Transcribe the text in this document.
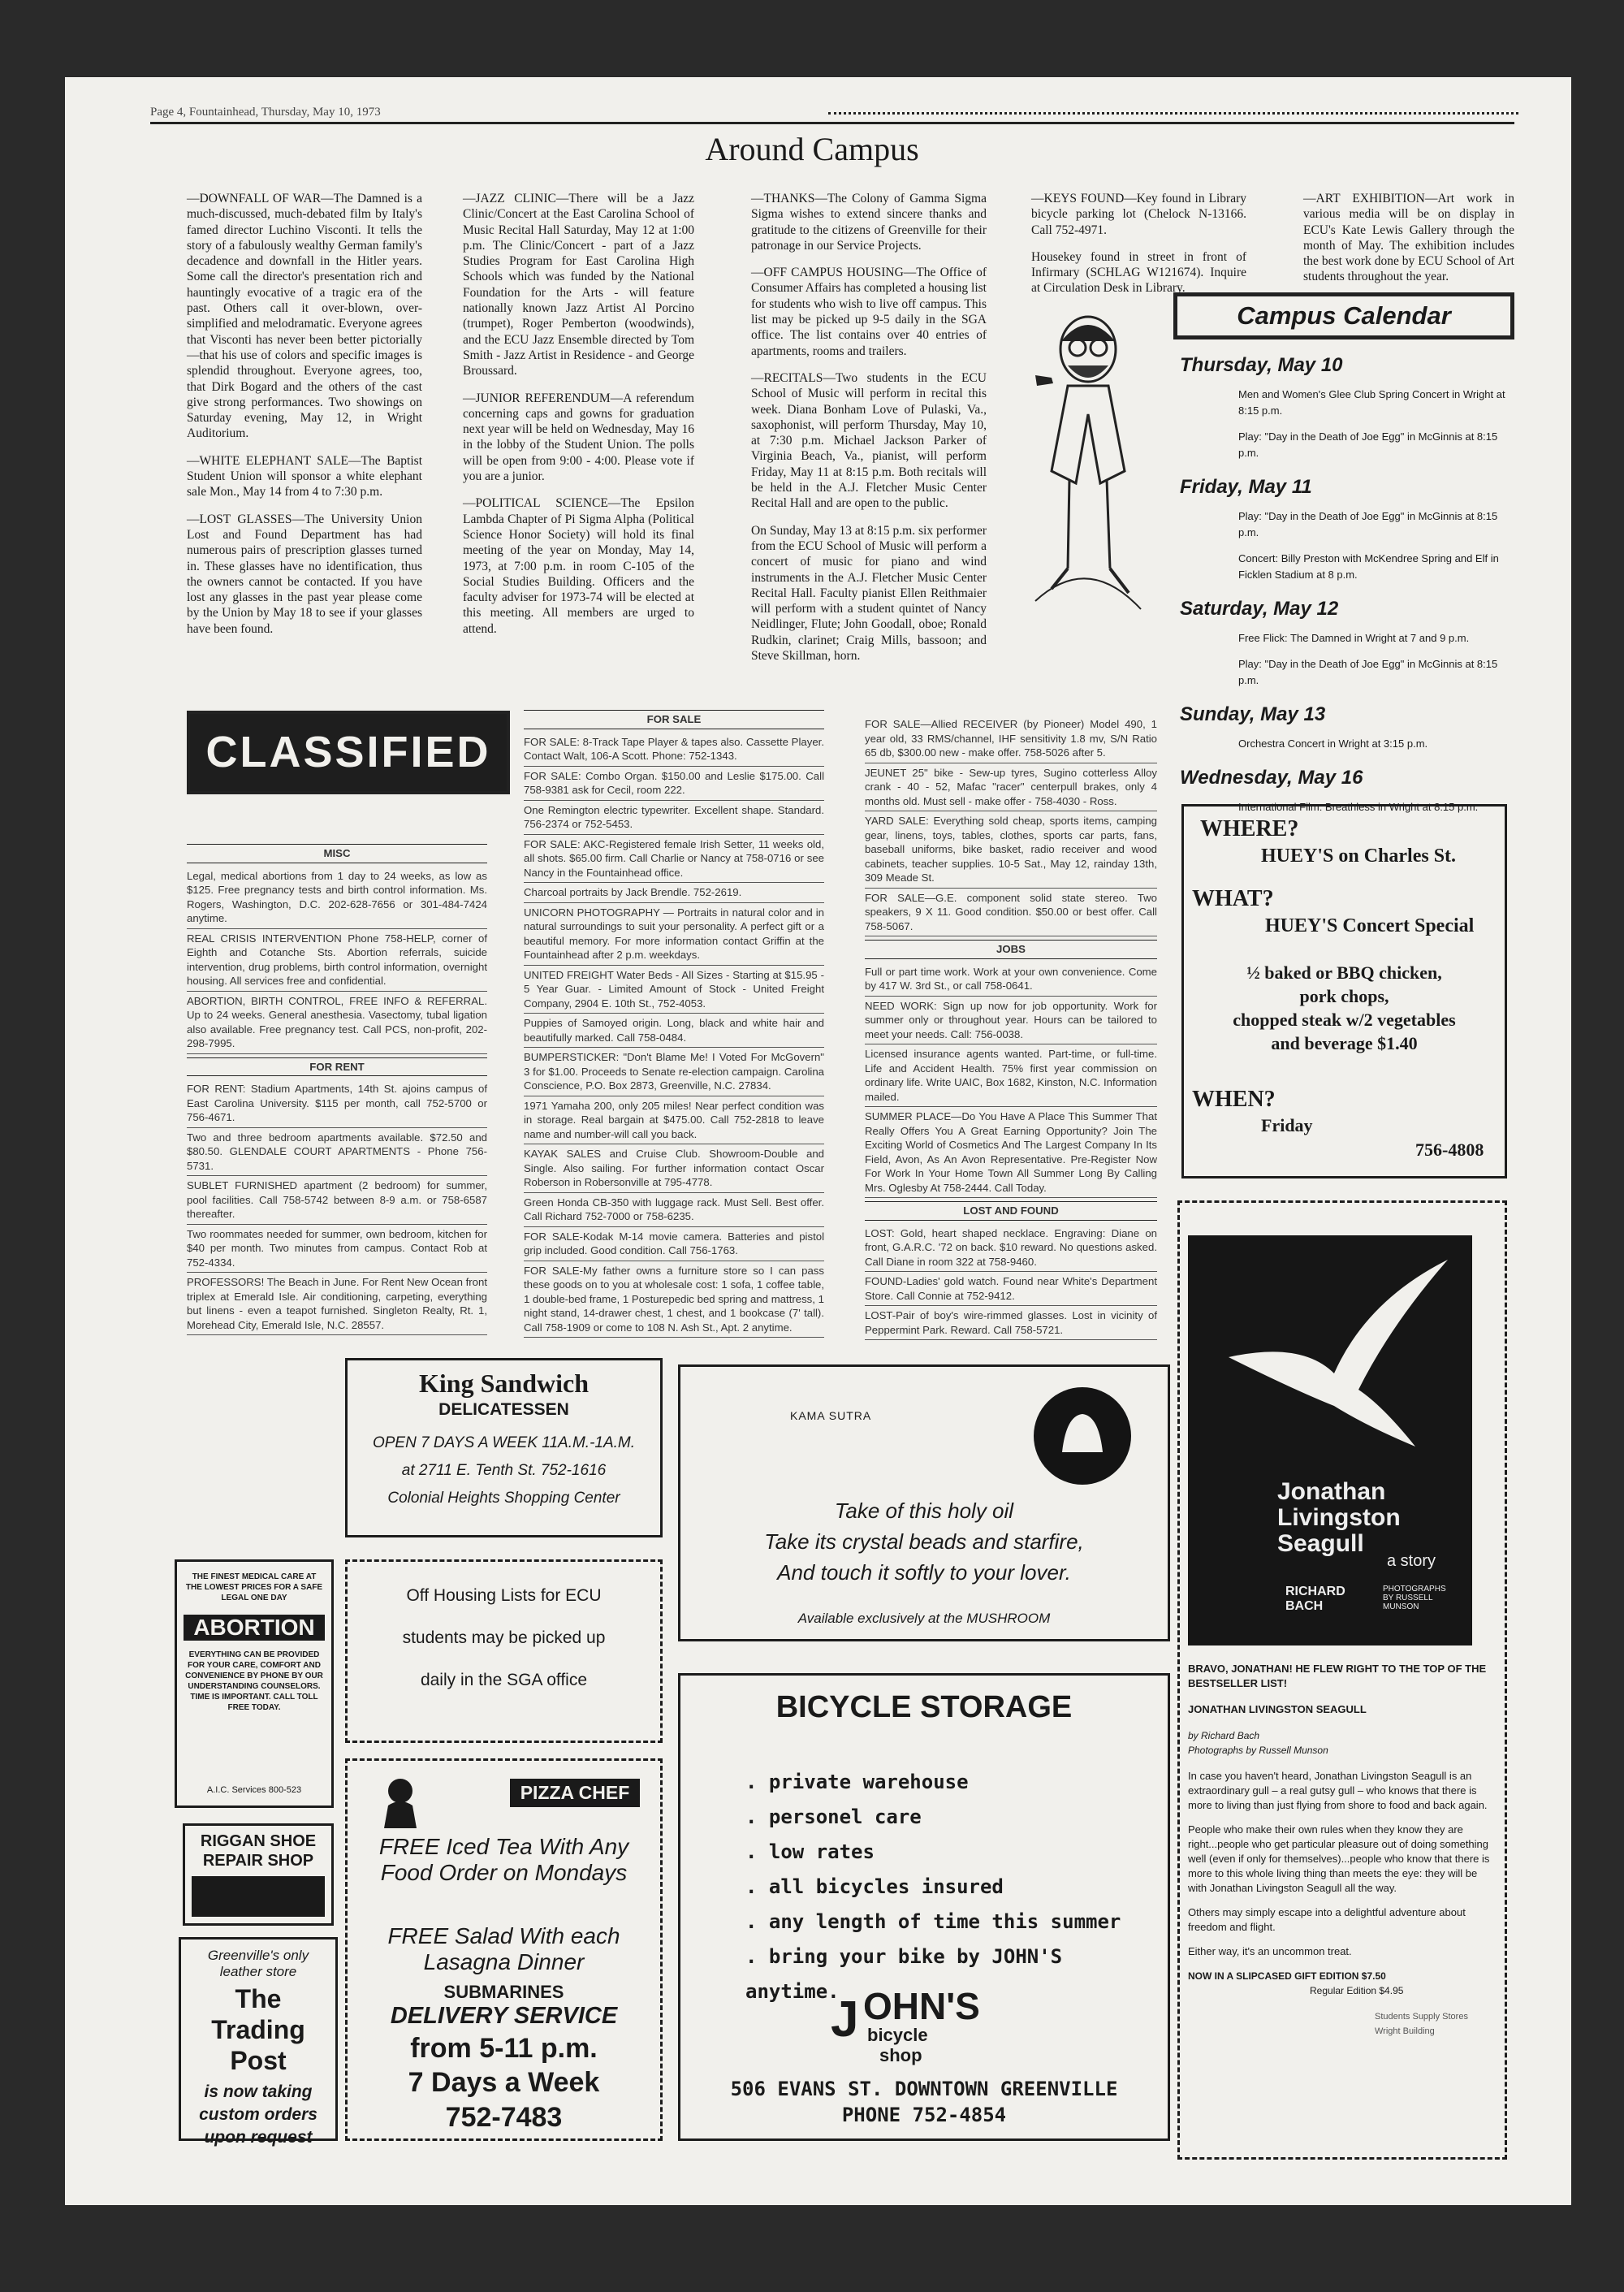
Page 4, Fountainhead, Thursday, May 10, 1973
Around Campus

—DOWNFALL OF WAR—The Damned is a much-discussed, much-debated film by Italy's famed director Luchino Visconti. It tells the story of a fabulously wealthy German family's decadence and downfall in the Hitler years. Some call the director's presentation rich and hauntingly evocative of a tragic era of the past. Others call it over-blown, over-simplified and melodramatic. Everyone agrees that Visconti has never been better pictorially—that his use of colors and specific images is splendid throughout. Everyone agrees, too, that Dirk Bogard and the others of the cast give strong performances. Two showings on Saturday evening, May 12, in Wright Auditorium.

—WHITE ELEPHANT SALE—The Baptist Student Union will sponsor a white elephant sale Mon., May 14 from 4 to 7:30 p.m.

—LOST GLASSES—The University Union Lost and Found Department has had numerous pairs of prescription glasses turned in. These glasses have no identification, thus the owners cannot be contacted. If you have lost any glasses in the past year please come by the Union by May 18 to see if your glasses have been found.

—JAZZ CLINIC—There will be a Jazz Clinic/Concert at the East Carolina School of Music Recital Hall Saturday, May 12 at 1:00 p.m. The Clinic/Concert - part of a Jazz Studies Program for East Carolina High Schools which was funded by the National Foundation for the Arts - will feature nationally known Jazz Artist Al Porcino (trumpet), Roger Pemberton (woodwinds), and the ECU Jazz Ensemble directed by Tom Smith - Jazz Artist in Residence - and George Broussard.

—JUNIOR REFERENDUM—A referendum concerning caps and gowns for graduation next year will be held on Wednesday, May 16 in the lobby of the Student Union. The polls will be open from 9:00 - 4:00. Please vote if you are a junior.

—POLITICAL SCIENCE—The Epsilon Lambda Chapter of Pi Sigma Alpha (Political Science Honor Society) will hold its final meeting of the year on Monday, May 14, 1973, at 7:00 p.m. in room C-105 of the Social Studies Building. Officers and the faculty adviser for 1973-74 will be elected at this meeting. All members are urged to attend.

—THANKS—The Colony of Gamma Sigma Sigma wishes to extend sincere thanks and gratitude to the citizens of Greenville for their patronage in our Service Projects.

—OFF CAMPUS HOUSING—The Office of Consumer Affairs has completed a housing list for students who wish to live off campus. This list may be picked up 9-5 daily in the SGA office. The list contains over 40 entries of apartments, rooms and trailers.

—RECITALS—Two students in the ECU School of Music will perform in recital this week. Diana Bonham Love of Pulaski, Va., saxophonist, will perform Thursday, May 10, at 7:30 p.m. Michael Jackson Parker of Virginia Beach, Va., pianist, will perform Friday, May 11 at 8:15 p.m. Both recitals will be held in the A.J. Fletcher Music Center Recital Hall and are open to the public.

On Sunday, May 13 at 8:15 p.m. six performer from the ECU School of Music will perform a concert of music for piano and wind instruments in the A.J. Fletcher Music Center Recital Hall. Faculty pianist Ellen Reithmaier will perform with a student quintet of Nancy Neidlinger, Flute; John Goodall, oboe; Ronald Rudkin, clarinet; Craig Mills, bassoon; and Steve Skillman, horn.

—KEYS FOUND—Key found in Library bicycle parking lot (Chelock N-13166. Call 752-4971.

Housekey found in street in front of Infirmary (SCHLAG W121674). Inquire at Circulation Desk in Library.

—ART EXHIBITION—Art work in various media will be on display in ECU's Kate Lewis Gallery through the month of May. The exhibition includes the best work done by ECU School of Art students throughout the year.

Campus Calendar
Thursday, May 10
Men and Women's Glee Club Spring Concert in Wright at 8:15 p.m.
Play: "Day in the Death of Joe Egg" in McGinnis at 8:15 p.m.
Friday, May 11
Play: "Day in the Death of Joe Egg" in McGinnis at 8:15 p.m.
Concert: Billy Preston with McKendree Spring and Elf in Ficklen Stadium at 8 p.m.
Saturday, May 12
Free Flick: The Damned in Wright at 7 and 9 p.m.
Play: "Day in the Death of Joe Egg" in McGinnis at 8:15 p.m.
Sunday, May 13
Orchestra Concert in Wright at 3:15 p.m.
Wednesday, May 16
International Film: Breathless in Wright at 8:15 p.m.
CLASSIFIED
MISC
Legal, medical abortions from 1 day to 24 weeks, as low as $125. Free pregnancy tests and birth control information. Ms. Rogers, Washington, D.C. 202-628-7656 or 301-484-7424 anytime.
REAL CRISIS INTERVENTION Phone 758-HELP, corner of Eighth and Cotanche Sts. Abortion referrals, suicide intervention, drug problems, birth control information, overnight housing. All services free and confidential.
ABORTION, BIRTH CONTROL, FREE INFO & REFERRAL. Up to 24 weeks. General anesthesia. Vasectomy, tubal ligation also available. Free pregnancy test. Call PCS, non-profit, 202-298-7995.
FOR RENT
FOR RENT: Stadium Apartments, 14th St. ajoins campus of East Carolina University. $115 per month, call 752-5700 or 756-4671.
Two and three bedroom apartments available. $72.50 and $80.50. GLENDALE COURT APARTMENTS - Phone 756-5731.
SUBLET FURNISHED apartment (2 bedroom) for summer, pool facilities. Call 758-5742 between 8-9 a.m. or 758-6587 thereafter.
Two roommates needed for summer, own bedroom, kitchen for $40 per month. Two minutes from campus. Contact Rob at 752-4334.
PROFESSORS! The Beach in June. For Rent New Ocean front triplex at Emerald Isle. Air conditioning, carpeting, everything but linens - even a teapot furnished. Singleton Realty, Rt. 1, Morehead City, Emerald Isle, N.C. 28557.
FOR SALE
FOR SALE: 8-Track Tape Player & tapes also. Cassette Player. Contact Walt, 106-A Scott. Phone: 752-1343.
FOR SALE: Combo Organ. $150.00 and Leslie $175.00. Call 758-9381 ask for Cecil, room 222.
One Remington electric typewriter. Excellent shape. Standard. 756-2374 or 752-5453.
FOR SALE: AKC-Registered female Irish Setter, 11 weeks old, all shots. $65.00 firm. Call Charlie or Nancy at 758-0716 or see Nancy in the Fountainhead office.
Charcoal portraits by Jack Brendle. 752-2619.
UNICORN PHOTOGRAPHY — Portraits in natural color and in natural surroundings to suit your personality. A perfect gift or a beautiful memory. For more information contact Griffin at the Fountainhead after 2 p.m. weekdays.
UNITED FREIGHT Water Beds - All Sizes - Starting at $15.95 - 5 Year Guar. - Limited Amount of Stock - United Freight Company, 2904 E. 10th St., 752-4053.
Puppies of Samoyed origin. Long, black and white hair and beautifully marked. Call 758-0484.
BUMPERSTICKER: "Don't Blame Me! I Voted For McGovern" 3 for $1.00. Proceeds to Senate re-election campaign. Carolina Conscience, P.O. Box 2873, Greenville, N.C. 27834.
1971 Yamaha 200, only 205 miles! Near perfect condition was in storage. Real bargain at $475.00. Call 752-2818 to leave name and number-will call you back.
KAYAK SALES and Cruise Club. Showroom-Double and Single. Also sailing. For further information contact Oscar Roberson in Robersonville at 795-4778.
Green Honda CB-350 with luggage rack. Must Sell. Best offer. Call Richard 752-7000 or 758-6235.
FOR SALE-Kodak M-14 movie camera. Batteries and pistol grip included. Good condition. Call 756-1763.
FOR SALE-My father owns a furniture store so I can pass these goods on to you at wholesale cost: 1 sofa, 1 coffee table, 1 double-bed frame, 1 Posturepedic bed spring and mattress, 1 night stand, 14-drawer chest, 1 chest, and 1 bookcase (7' tall). Call 758-1909 or come to 108 N. Ash St., Apt. 2 anytime.
FOR SALE—Allied RECEIVER (by Pioneer) Model 490, 1 year old, 33 RMS/channel, IHF sensitivity 1.8 mv, S/N Ratio 65 db, $300.00 new - make offer. 758-5026 after 5.
JEUNET 25" bike - Sew-up tyres, Sugino cotterless Alloy crank - 40 - 52, Mafac "racer" centerpull brakes, only 4 months old. Must sell - make offer - 758-4030 - Ross.
YARD SALE: Everything sold cheap, sports items, camping gear, linens, toys, tables, clothes, sports car parts, fans, baseball uniforms, bike basket, radio receiver and wood cabinets, teacher supplies. 10-5 Sat., May 12, rainday 13th, 309 Meade St.
FOR SALE—G.E. component solid state stereo. Two speakers, 9 X 11. Good condition. $50.00 or best offer. Call 758-5067.
JOBS
Full or part time work. Work at your own convenience. Come by 417 W. 3rd St., or call 758-0641.
NEED WORK: Sign up now for job opportunity. Work for summer only or throughout year. Hours can be tailored to meet your needs. Call: 756-0038.
Licensed insurance agents wanted. Part-time, or full-time. Life and Accident Health. 75% first year commission on ordinary life. Write UAIC, Box 1682, Kinston, N.C. Information mailed.
SUMMER PLACE—Do You Have A Place This Summer That Really Offers You A Great Earning Opportunity? Join The Exciting World of Cosmetics And The Largest Company In Its Field, Avon, As An Avon Representative. Pre-Register Now For Work In Your Home Town All Summer Long By Calling Mrs. Oglesby At 758-2444. Call Today.
LOST AND FOUND
LOST: Gold, heart shaped necklace. Engraving: Diane on front, G.A.R.C. '72 on back. $10 reward. No questions asked. Call Diane in room 322 at 758-9460.
FOUND-Ladies' gold watch. Found near White's Department Store. Call Connie at 752-9412.
LOST-Pair of boy's wire-rimmed glasses. Lost in vicinity of Peppermint Park. Reward. Call 758-5721.
WHERE?
HUEY'S on Charles St.
WHAT?
HUEY'S Concert Special
½ baked or BBQ chicken,
pork chops,
chopped steak w/2 vegetables
and beverage $1.40
WHEN?
Friday
756-4808
Jonathan Livingston Seagull
a story
RICHARD BACH
PHOTOGRAPHS BY RUSSELL MUNSON
BRAVO, JONATHAN! HE FLEW RIGHT TO THE TOP OF THE BESTSELLER LIST!
JONATHAN LIVINGSTON SEAGULL
by Richard Bach
Photographs by Russell Munson

In case you haven't heard, Jonathan Livingston Seagull is an extraordinary gull – a real gutsy gull – who knows that there is more to living than just flying from shore to food and back again.

People who make their own rules when they know they are right...people who get particular pleasure out of doing something well (even if only for themselves)...people who know that there is more to this whole living thing than meets the eye: they will be with Jonathan Livingston Seagull all the way.

Others may simply escape into a delightful adventure about freedom and flight.

Either way, it's an uncommon treat.

NOW IN A SLIPCASED GIFT EDITION $7.50
Regular Edition $4.95
Students Supply Stores Wright Building
King Sandwich
DELICATESSEN
OPEN 7 DAYS A WEEK 11A.M.-1A.M.
at 2711 E. Tenth St. 752-1616
Colonial Heights Shopping Center
KAMA SUTRA
Take of this holy oil
Take its crystal beads and starfire,
And touch it softly to your lover.
Available exclusively at the MUSHROOM
THE FINEST MEDICAL CARE AT THE LOWEST PRICES FOR A SAFE LEGAL ONE DAY
ABORTION
EVERYTHING CAN BE PROVIDED FOR YOUR CARE, COMFORT AND CONVENIENCE BY PHONE BY OUR UNDERSTANDING COUNSELORS. TIME IS IMPORTANT. CALL TOLL FREE TODAY.
A.I.C. Services 800-523
Off Housing Lists for ECU
students may be picked up
daily in the SGA office
RIGGAN SHOE
REPAIR SHOP
Greenville's only
leather store
The
Trading
Post
is now taking
custom orders
upon request
PIZZA CHEF
FREE Iced Tea With Any Food Order on Mondays
FREE Salad With each Lasagna Dinner
SUBMARINES
DELIVERY SERVICE
from 5-11 p.m.
7 Days a Week
752-7483
BICYCLE STORAGE
. private warehouse
. personel care
. low rates
. all bicycles insured
. any length of time this summer
. bring your bike by JOHN'S anytime.
J OHN'S
bicycle
shop
506 EVANS ST. DOWNTOWN GREENVILLE
PHONE 752-4854
